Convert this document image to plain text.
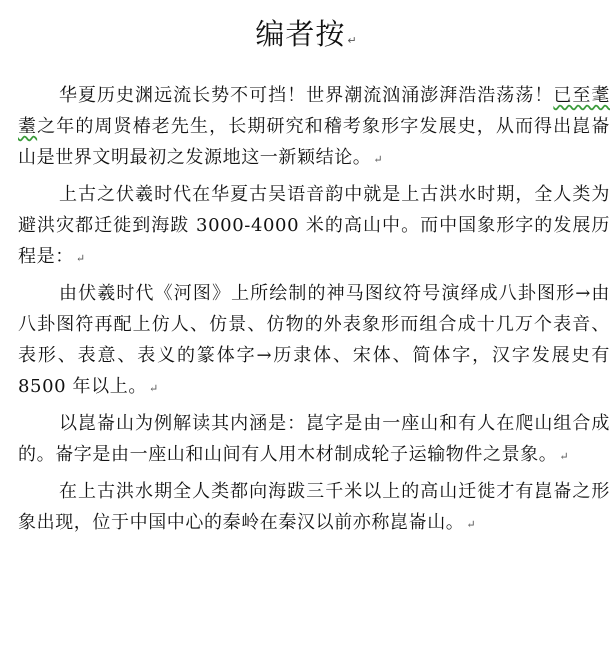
编者按 ↵

华夏历史渊远流长势不可挡！世界潮流汹涌澎湃浩浩荡荡！已至耄耋之年的周贤椿老先生，长期研究和稽考象形字发展史，从而得出崑崙山是世界文明最初之发源地这一新颖结论。 ↵

上古之伏羲时代在华夏古吴语音韵中就是上古洪水时期，全人类为避洪灾都迁徙到海跋 3000-4000 米的高山中。而中国象形字的发展历程是： ↵

由伏羲时代《河图》上所绘制的神马图纹符号演绎成八卦图形→由八卦图符再配上仿人、仿景、仿物的外表象形而组合成十几万个表音、表形、表意、表义的篆体字→历隶体、宋体、简体字，汉字发展史有 8500 年以上。 ↵

以崑崙山为例解读其内涵是：崑字是由一座山和有人在爬山组合成的。崙字是由一座山和山间有人用木材制成轮子运输物件之景象。 ↵

在上古洪水期全人类都向海跋三千米以上的高山迁徙才有崑崙之形象出现，位于中国中心的秦岭在秦汉以前亦称崑崙山。 ↵
